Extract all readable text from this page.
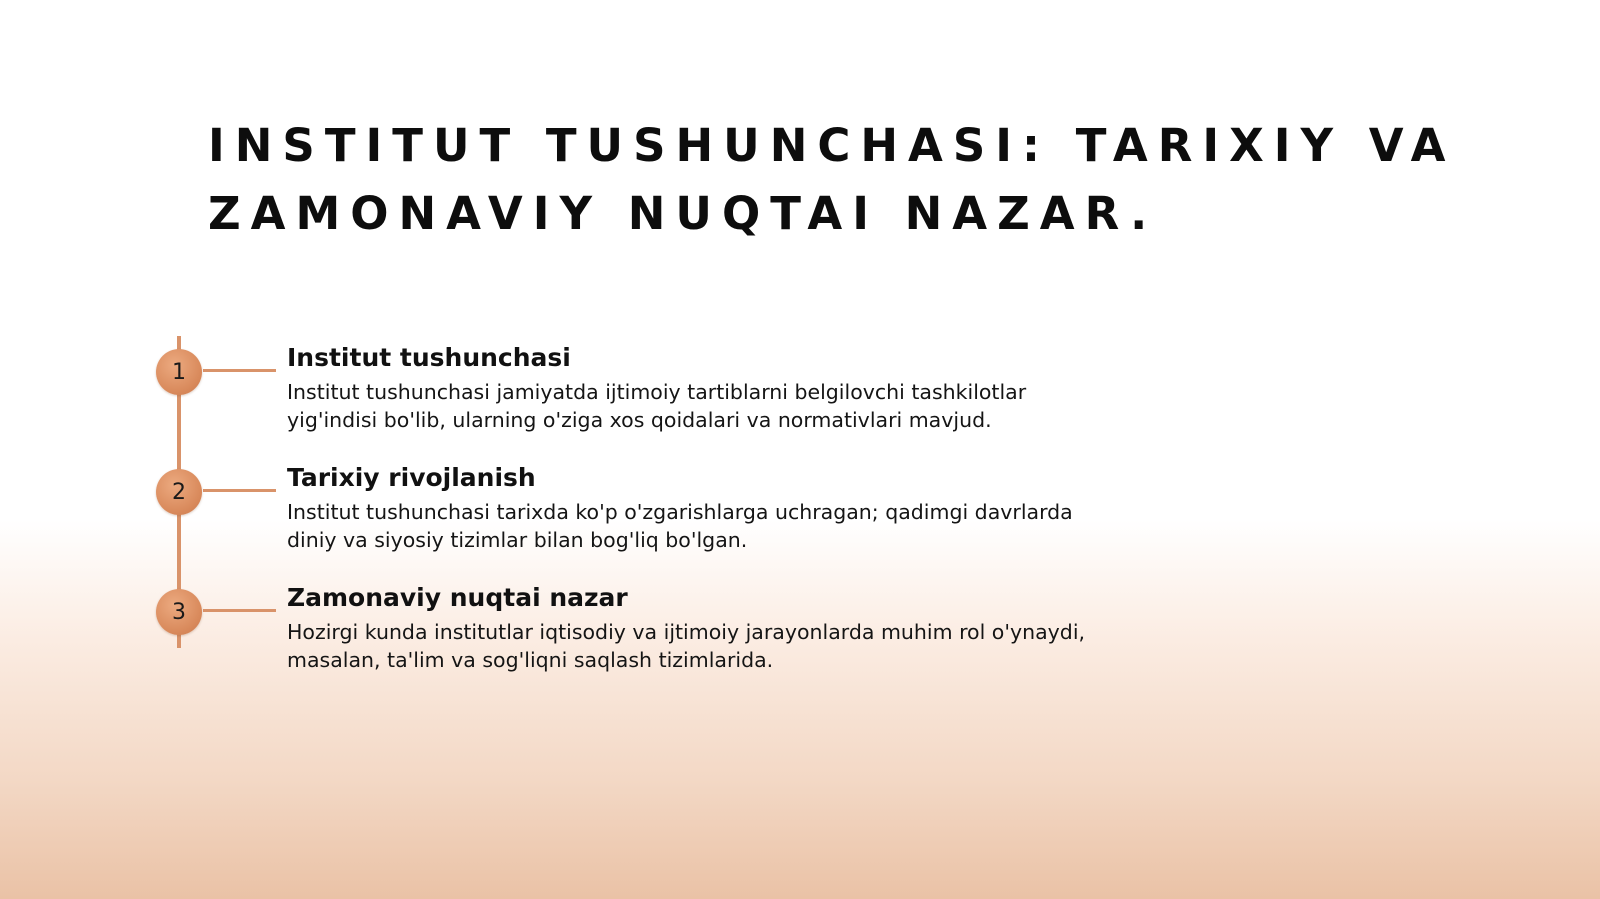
INSTITUT TUSHUNCHASI: TARIXIY VA ZAMONAVIY NUQTAI NAZAR.
1	Institut tushunchasi

Institut tushunchasi jamiyatda ijtimoiy tartiblarni belgilovchi tashkilotlar yig'indisi bo'lib, ularning o'ziga xos qoidalari va normativlari mavjud.

2	Tarixiy rivojlanish

Institut tushunchasi tarixda ko'p o'zgarishlarga uchragan; qadimgi davrlarda diniy va siyosiy tizimlar bilan bog'liq bo'lgan.

3	Zamonaviy nuqtai nazar

Hozirgi kunda institutlar iqtisodiy va ijtimoiy jarayonlarda muhim rol o'ynaydi, masalan, ta'lim va sog'liqni saqlash tizimlarida.
